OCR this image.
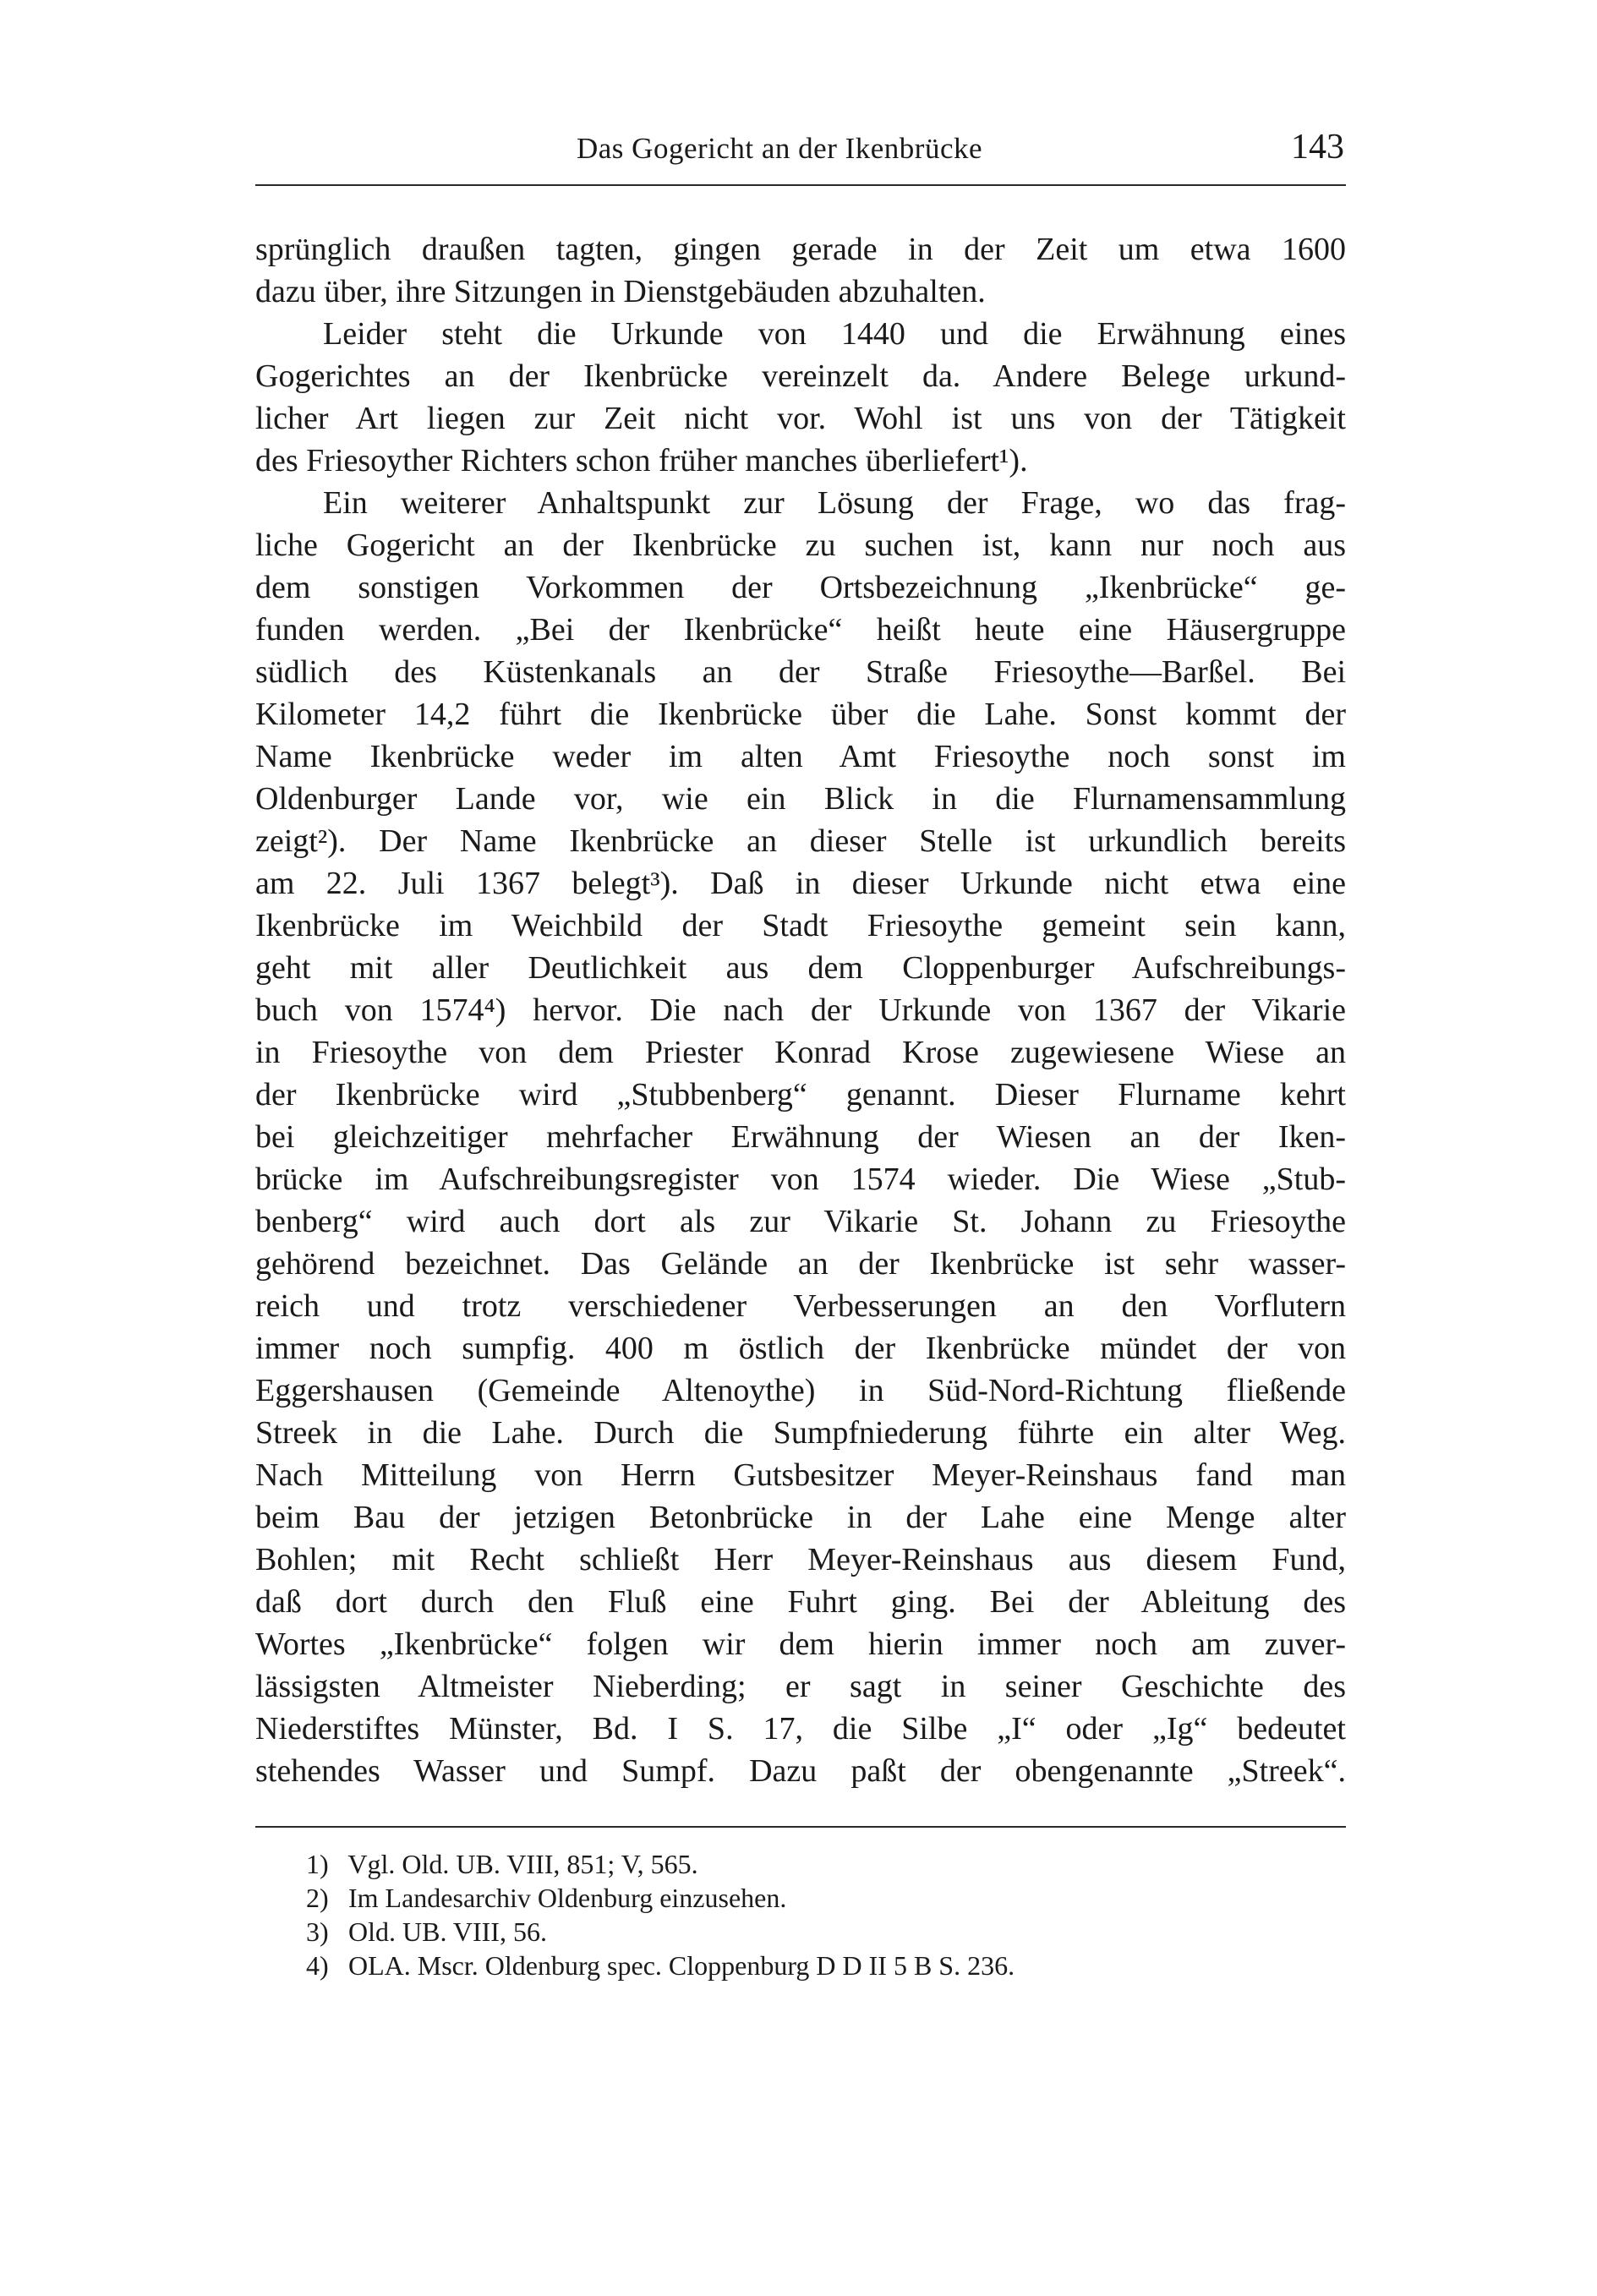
Das Gogericht an der Ikenbrücke	143

sprünglich draußen tagten, gingen gerade in der Zeit um etwa 1600

dazu über, ihre Sitzungen in Dienstgebäuden abzuhalten.

Leider steht die Urkunde von 1440 und die Erwähnung eines

Gogerichtes an der Ikenbrücke vereinzelt da. Andere Belege urkund-

licher Art liegen zur Zeit nicht vor. Wohl ist uns von der Tätigkeit

des Friesoyther Richters schon früher manches überliefert¹).

Ein weiterer Anhaltspunkt zur Lösung der Frage, wo das frag-

liche Gogericht an der Ikenbrücke zu suchen ist, kann nur noch aus

dem sonstigen Vorkommen der Ortsbezeichnung „Ikenbrücke“ ge-

funden werden. „Bei der Ikenbrücke“ heißt heute eine Häusergruppe

südlich des Küstenkanals an der Straße Friesoythe—Barßel. Bei

Kilometer 14,2 führt die Ikenbrücke über die Lahe. Sonst kommt der

Name Ikenbrücke weder im alten Amt Friesoythe noch sonst im

Oldenburger Lande vor, wie ein Blick in die Flurnamensammlung

zeigt²). Der Name Ikenbrücke an dieser Stelle ist urkundlich bereits

am 22. Juli 1367 belegt³). Daß in dieser Urkunde nicht etwa eine

Ikenbrücke im Weichbild der Stadt Friesoythe gemeint sein kann,

geht mit aller Deutlichkeit aus dem Cloppenburger Aufschreibungs-

buch von 1574⁴) hervor. Die nach der Urkunde von 1367 der Vikarie

in Friesoythe von dem Priester Konrad Krose zugewiesene Wiese an

der Ikenbrücke wird „Stubbenberg“ genannt. Dieser Flurname kehrt

bei gleichzeitiger mehrfacher Erwähnung der Wiesen an der Iken-

brücke im Aufschreibungsregister von 1574 wieder. Die Wiese „Stub-

benberg“ wird auch dort als zur Vikarie St. Johann zu Friesoythe

gehörend bezeichnet. Das Gelände an der Ikenbrücke ist sehr wasser-

reich und trotz verschiedener Verbesserungen an den Vorflutern

immer noch sumpfig. 400 m östlich der Ikenbrücke mündet der von

Eggershausen (Gemeinde Altenoythe) in Süd-Nord-Richtung fließende

Streek in die Lahe. Durch die Sumpfniederung führte ein alter Weg.

Nach Mitteilung von Herrn Gutsbesitzer Meyer-Reinshaus fand man

beim Bau der jetzigen Betonbrücke in der Lahe eine Menge alter

Bohlen; mit Recht schließt Herr Meyer-Reinshaus aus diesem Fund,

daß dort durch den Fluß eine Fuhrt ging. Bei der Ableitung des

Wortes „Ikenbrücke“ folgen wir dem hierin immer noch am zuver-

lässigsten Altmeister Nieberding; er sagt in seiner Geschichte des

Niederstiftes Münster, Bd. I S. 17, die Silbe „I“ oder „Ig“ bedeutet

stehendes Wasser und Sumpf. Dazu paßt der obengenannte „Streek“.

1) Vgl. Old. UB. VIII, 851; V, 565.
2) Im Landesarchiv Oldenburg einzusehen.
3) Old. UB. VIII, 56.
4) OLA. Mscr. Oldenburg spec. Cloppenburg D D II 5 B S. 236.
